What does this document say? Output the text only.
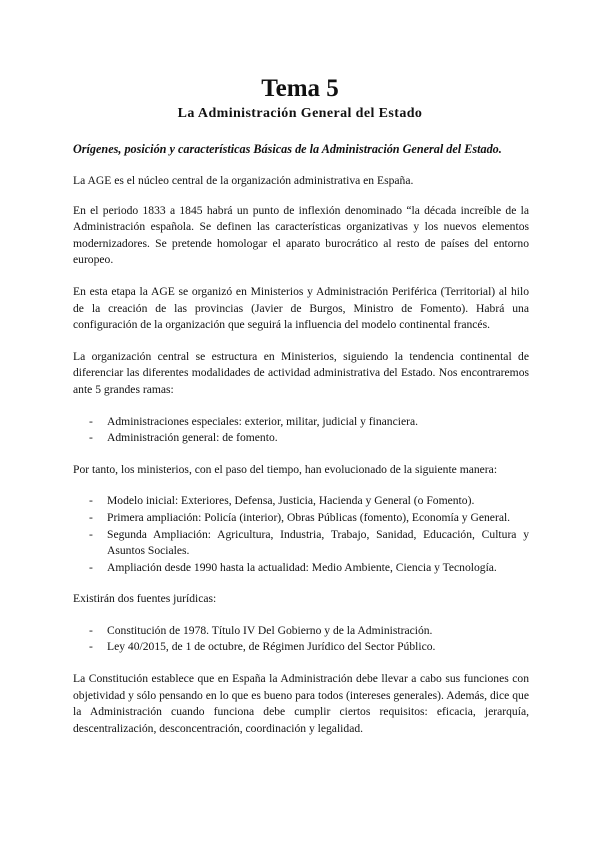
Tema 5
La Administración General del Estado
Orígenes, posición y características Básicas de la Administración General del Estado.

La AGE es el núcleo central de la organización administrativa en España.

En el periodo 1833 a 1845 habrá un punto de inflexión denominado “la década increíble de la Administración española. Se definen las características organizativas y los nuevos elementos modernizadores. Se pretende homologar el aparato burocrático al resto de países del entorno europeo.

En esta etapa la AGE se organizó en Ministerios y Administración Periférica (Territorial) al hilo de la creación de las provincias (Javier de Burgos, Ministro de Fomento). Habrá una configuración de la organización que seguirá la influencia del modelo continental francés.

La organización central se estructura en Ministerios, siguiendo la tendencia continental de diferenciar las diferentes modalidades de actividad administrativa del Estado. Nos encontraremos ante 5 grandes ramas:

- Administraciones especiales: exterior, militar, judicial y financiera.
- Administración general: de fomento.

Por tanto, los ministerios, con el paso del tiempo, han evolucionado de la siguiente manera:

- Modelo inicial: Exteriores, Defensa, Justicia, Hacienda y General (o Fomento).
- Primera ampliación: Policía (interior), Obras Públicas (fomento), Economía y General.
- Segunda Ampliación: Agricultura, Industria, Trabajo, Sanidad, Educación, Cultura y Asuntos Sociales.
- Ampliación desde 1990 hasta la actualidad: Medio Ambiente, Ciencia y Tecnología.

Existirán dos fuentes jurídicas:

- Constitución de 1978. Título IV Del Gobierno y de la Administración.
- Ley 40/2015, de 1 de octubre, de Régimen Jurídico del Sector Público.

La Constitución establece que en España la Administración debe llevar a cabo sus funciones con objetividad y sólo pensando en lo que es bueno para todos (intereses generales). Además, dice que la Administración cuando funciona debe cumplir ciertos requisitos: eficacia, jerarquía, descentralización, desconcentración, coordinación y legalidad.
